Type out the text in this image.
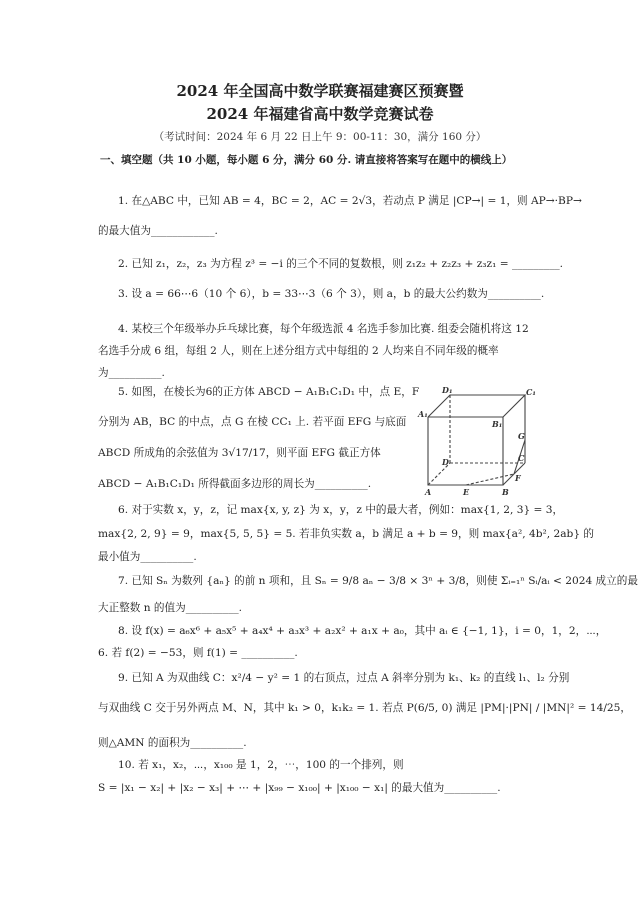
2024 年全国高中数学联赛福建赛区预赛暨
2024 年福建省高中数学竞赛试卷
（考试时间：2024 年 6 月 22 日上午 9：00-11：30，满分 160 分）
一、填空题（共 10 小题，每小题 6 分，满分 60 分. 请直接将答案写在题中的横线上）
1. 在△ABC 中，已知 AB = 4，BC = 2，AC = 2√3，若动点 P 满足 |CP→| = 1，则 AP→·BP→
的最大值为____________.
2. 已知 z₁，z₂，z₃ 为方程 z³ = −i 的三个不同的复数根，则 z₁z₂ + z₂z₃ + z₃z₁ = _________.
3. 设 a = 66⋯6（10 个 6），b = 33⋯3（6 个 3），则 a，b 的最大公约数为__________.
4. 某校三个年级举办乒乓球比赛，每个年级选派 4 名选手参加比赛. 组委会随机将这 12
名选手分成 6 组，每组 2 人，则在上述分组方式中每组的 2 人均来自不同年级的概率
为__________.
5. 如图，在棱长为6的正方体 ABCD − A₁B₁C₁D₁ 中，点 E，F
分别为 AB，BC 的中点，点 G 在棱 CC₁ 上. 若平面 EFG 与底面
ABCD 所成角的余弦值为 3√17/17，则平面 EFG 截正方体
ABCD − A₁B₁C₁D₁ 所得截面多边形的周长为__________.
D₁	C₁
A₁
B₁
G
D	C
F
A	E	B
6. 对于实数 x，y，z，记 max{x, y, z} 为 x，y，z 中的最大者，例如：max{1, 2, 3} = 3，
max{2, 2, 9} = 9，max{5, 5, 5} = 5. 若非负实数 a，b 满足 a + b = 9，则 max{a², 4b², 2ab} 的
最小值为__________.
7. 已知 Sₙ 为数列 {aₙ} 的前 n 项和，且 Sₙ = 9/8 aₙ − 3/8 × 3ⁿ + 3/8，则使 Σᵢ₌₁ⁿ Sᵢ/aᵢ < 2024 成立的最
大正整数 n 的值为__________.
8. 设 f(x) = a₆x⁶ + a₅x⁵ + a₄x⁴ + a₃x³ + a₂x² + a₁x + a₀，其中 aᵢ ∈ {−1, 1}，i = 0，1，2，⋯，
6. 若 f(2) = −53，则 f(1) = __________.
9. 已知 A 为双曲线 C：x²/4 − y² = 1 的右顶点，过点 A 斜率分别为 k₁、k₂ 的直线 l₁、l₂ 分别
与双曲线 C 交于另外两点 M、N，其中 k₁ > 0，k₁k₂ = 1. 若点 P(6/5, 0) 满足 |PM|·|PN| / |MN|² = 14/25，
则△AMN 的面积为__________.
10. 若 x₁，x₂，⋯，x₁₀₀ 是 1，2，⋯，100 的一个排列，则
S = |x₁ − x₂| + |x₂ − x₃| + ⋯ + |x₉₉ − x₁₀₀| + |x₁₀₀ − x₁| 的最大值为__________.
